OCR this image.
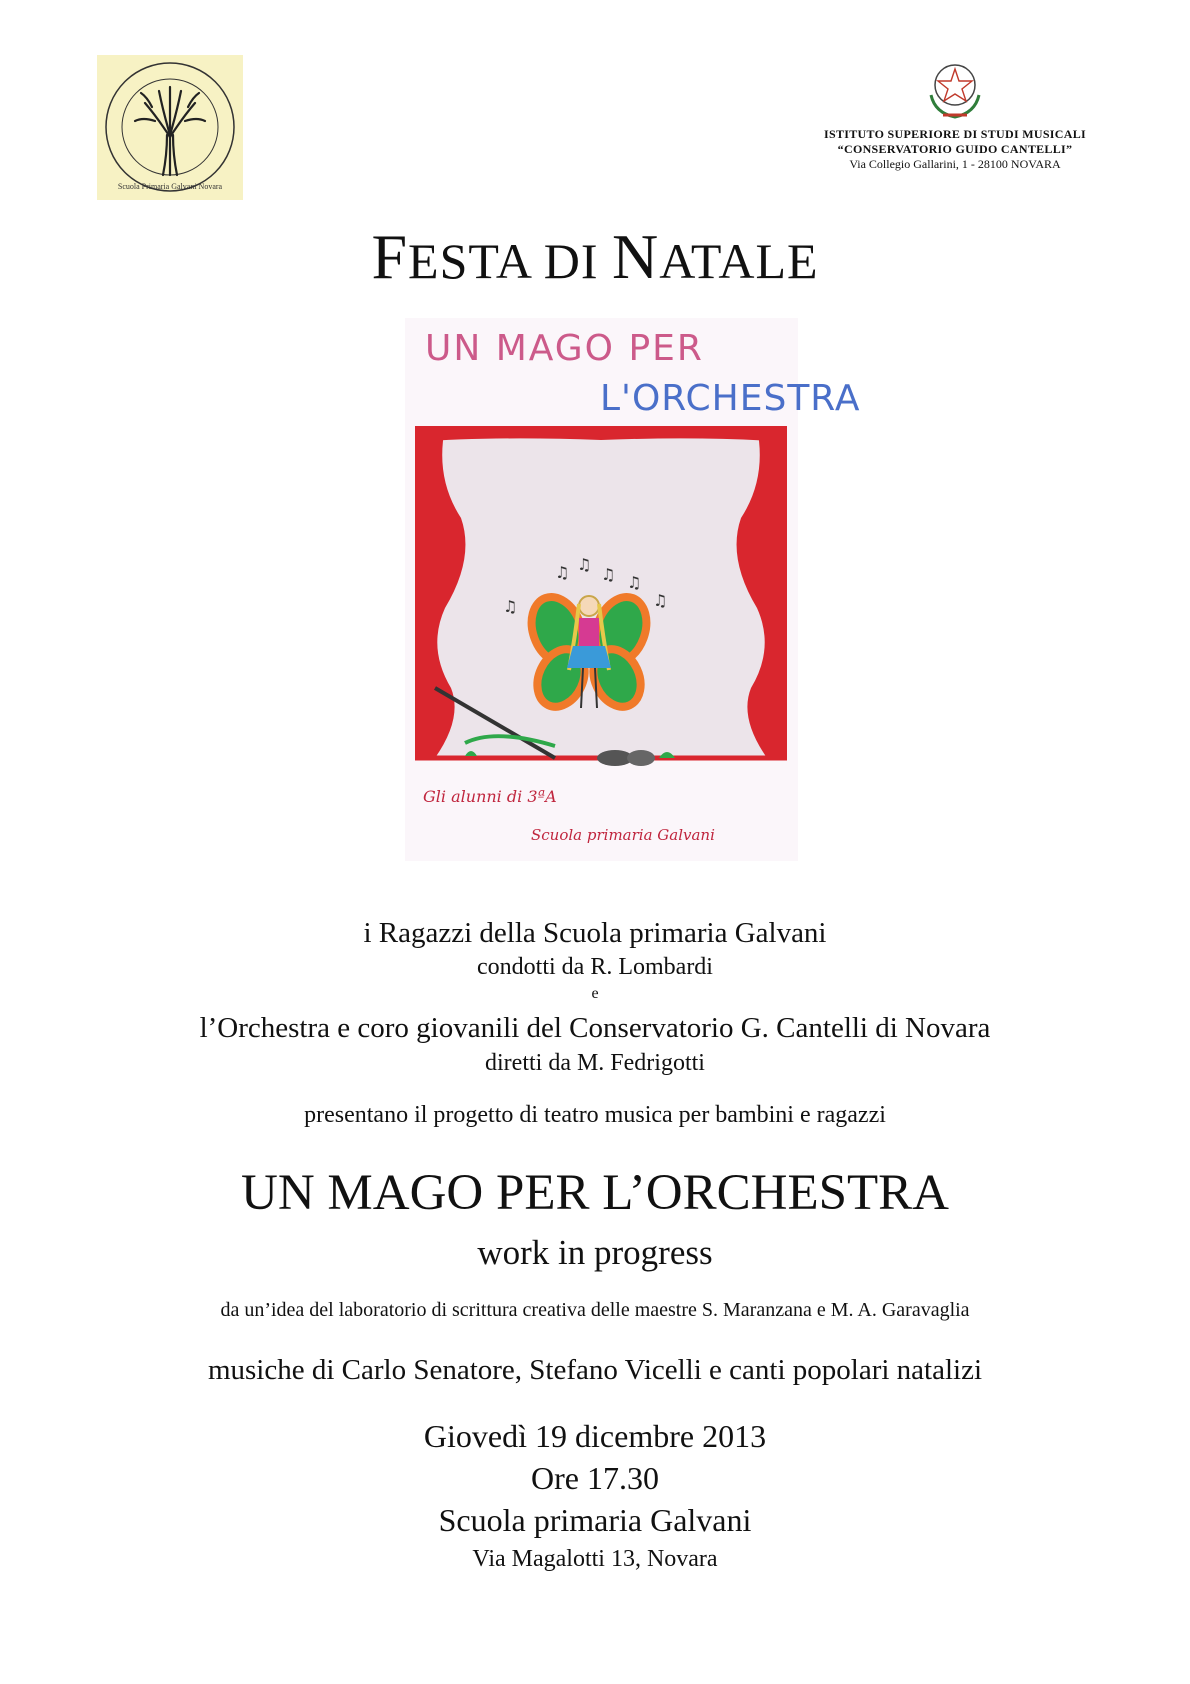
Scuola Primaria Galvani Novara
ISTITUTO SUPERIORE DI STUDI MUSICALI
“CONSERVATORIO GUIDO CANTELLI”
Via Collegio Gallarini, 1 - 28100 NOVARA
FESTA DI NATALE
UN MAGO PER
L'ORCHESTRA
♫ ♫
♫ ♫
♫
♫
Gli alunni di 3ªA
Scuola primaria Galvani
i Ragazzi della Scuola primaria Galvani
condotti da R. Lombardi
e
l’Orchestra e coro giovanili del Conservatorio G. Cantelli di Novara
diretti da M. Fedrigotti
presentano il progetto di teatro musica per bambini e ragazzi
UN MAGO PER L’ORCHESTRA
work in progress
da un’idea del laboratorio di scrittura creativa delle maestre S. Maranzana e M. A. Garavaglia
musiche di Carlo Senatore, Stefano Vicelli e canti popolari natalizi
Giovedì 19 dicembre 2013
Ore 17.30
Scuola primaria Galvani
Via Magalotti 13, Novara
